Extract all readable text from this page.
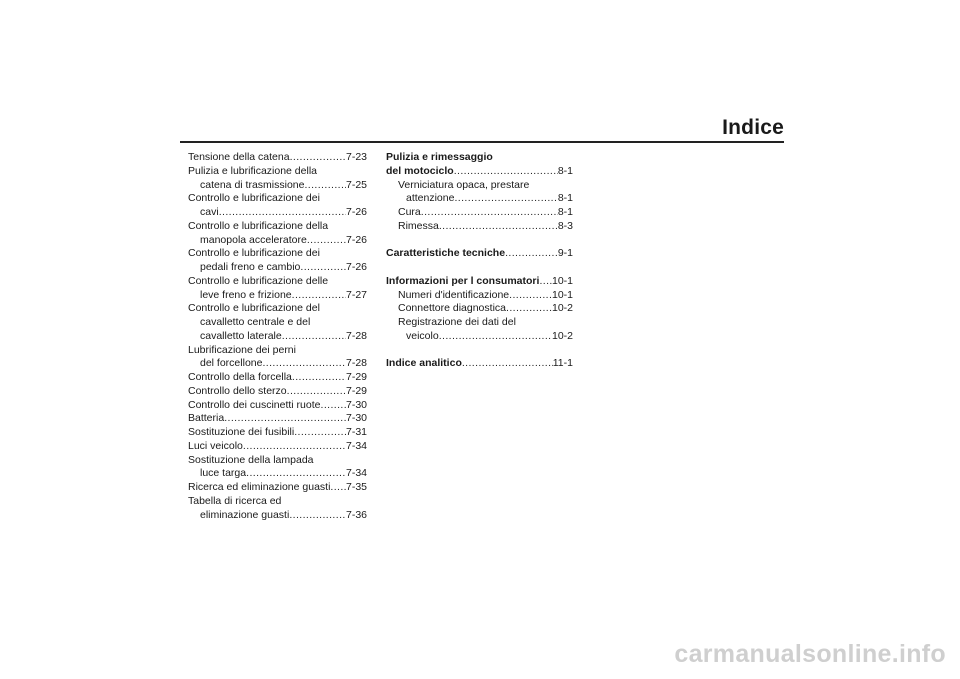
Indice
Tensione della catena .....	7-23
Pulizia e lubrificazione della
catena di trasmissione .....	7-25
Controllo e lubrificazione dei
cavi .....	7-26
Controllo e lubrificazione della
manopola acceleratore .....	7-26
Controllo e lubrificazione dei
pedali freno e cambio .....	7-26
Controllo e lubrificazione delle
leve freno e frizione .....	7-27
Controllo e lubrificazione del
cavalletto centrale e del
cavalletto laterale .....	7-28
Lubrificazione dei perni
del forcellone .....	7-28
Controllo della forcella .....	7-29
Controllo dello sterzo .....	7-29
Controllo dei cuscinetti ruote ..... 7-30
Batteria .....	7-30
Sostituzione dei fusibili .....	7-31
Luci veicolo .....	7-34
Sostituzione della lampada
luce targa .....	7-34
Ricerca ed eliminazione guasti ..... 7-35
Tabella di ricerca ed
eliminazione guasti .....	7-36
Pulizia e rimessaggio
del motociclo .....	8-1
Verniciatura opaca, prestare
attenzione .....	8-1
Cura .....	8-1
Rimessa .....	8-3
Caratteristiche tecniche .....	9-1
Informazioni per l consumatori ..... 10-1
Numeri d'identificazione .....	10-1
Connettore diagnostica .....	10-2
Registrazione dei dati del
veicolo .....	10-2
Indice analitico .....	11-1
carmanualsonline.info
